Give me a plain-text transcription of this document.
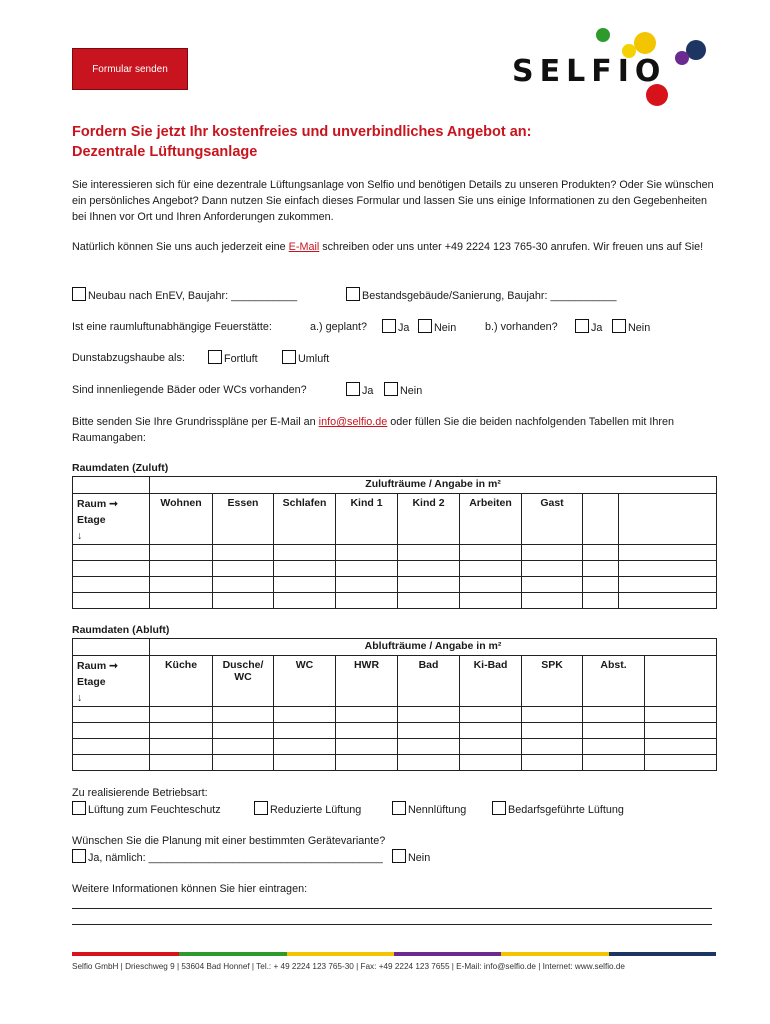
Formular senden	SELFIO
Fordern Sie jetzt Ihr kostenfreies und unverbindliches Angebot an:
Dezentrale Lüftungsanlage

Sie interessieren sich für eine dezentrale Lüftungsanlage von Selfio und benötigen Details zu unseren Produkten? Oder Sie wünschen ein persönliches Angebot? Dann nutzen Sie einfach dieses Formular und lassen Sie uns einige Informationen zu den Gegebenheiten bei Ihnen vor Ort und Ihren Anforderungen zukommen.

Natürlich können Sie uns auch jederzeit eine E-Mail schreiben oder uns unter +49 2224 123 765-30 anrufen. Wir freuen uns auf Sie!

Neubau nach EnEV, Baujahr: ___________	Bestandsgebäude/Sanierung, Baujahr: ___________
Ist eine raumluftunabhängige Feuerstätte:	a.) geplant?	Ja	Nein	b.) vorhanden?	Ja	Nein
Dunstabzugshaube als:	Fortluft	Umluft
Sind innenliegende Bäder oder WCs vorhanden?	Ja	Nein

Bitte senden Sie Ihre Grundrisspläne per E-Mail an info@selfio.de oder füllen Sie die beiden nachfolgenden Tabellen mit Ihren Raumangaben:

Raumdaten (Zuluft)
	Zulufträume / Angabe in m²								
Raum ➞
Etage
↓	Wohnen	Essen	Schlafen	Kind 1	Kind 2	Arbeiten	Gast		

Raumdaten (Abluft)
	Ablufträume / Angabe in m²								
Raum ➞
Etage
↓	Küche	Dusche/ WC	WC	HWR	Bad	Ki-Bad	SPK	Abst.	

Zu realisierende Betriebsart:
Lüftung zum Feuchteschutz	Reduzierte Lüftung	Nennlüftung	Bedarfsgeführte Lüftung
Wünschen Sie die Planung mit einer bestimmten Gerätevariante?
Ja, nämlich: _______________________________________	Nein
Weitere Informationen können Sie hier eintragen:
Selfio GmbH | Drieschweg 9 | 53604 Bad Honnef | Tel.: + 49 2224 123 765-30 | Fax: +49 2224 123 7655 | E-Mail: info@selfio.de | Internet: www.selfio.de
